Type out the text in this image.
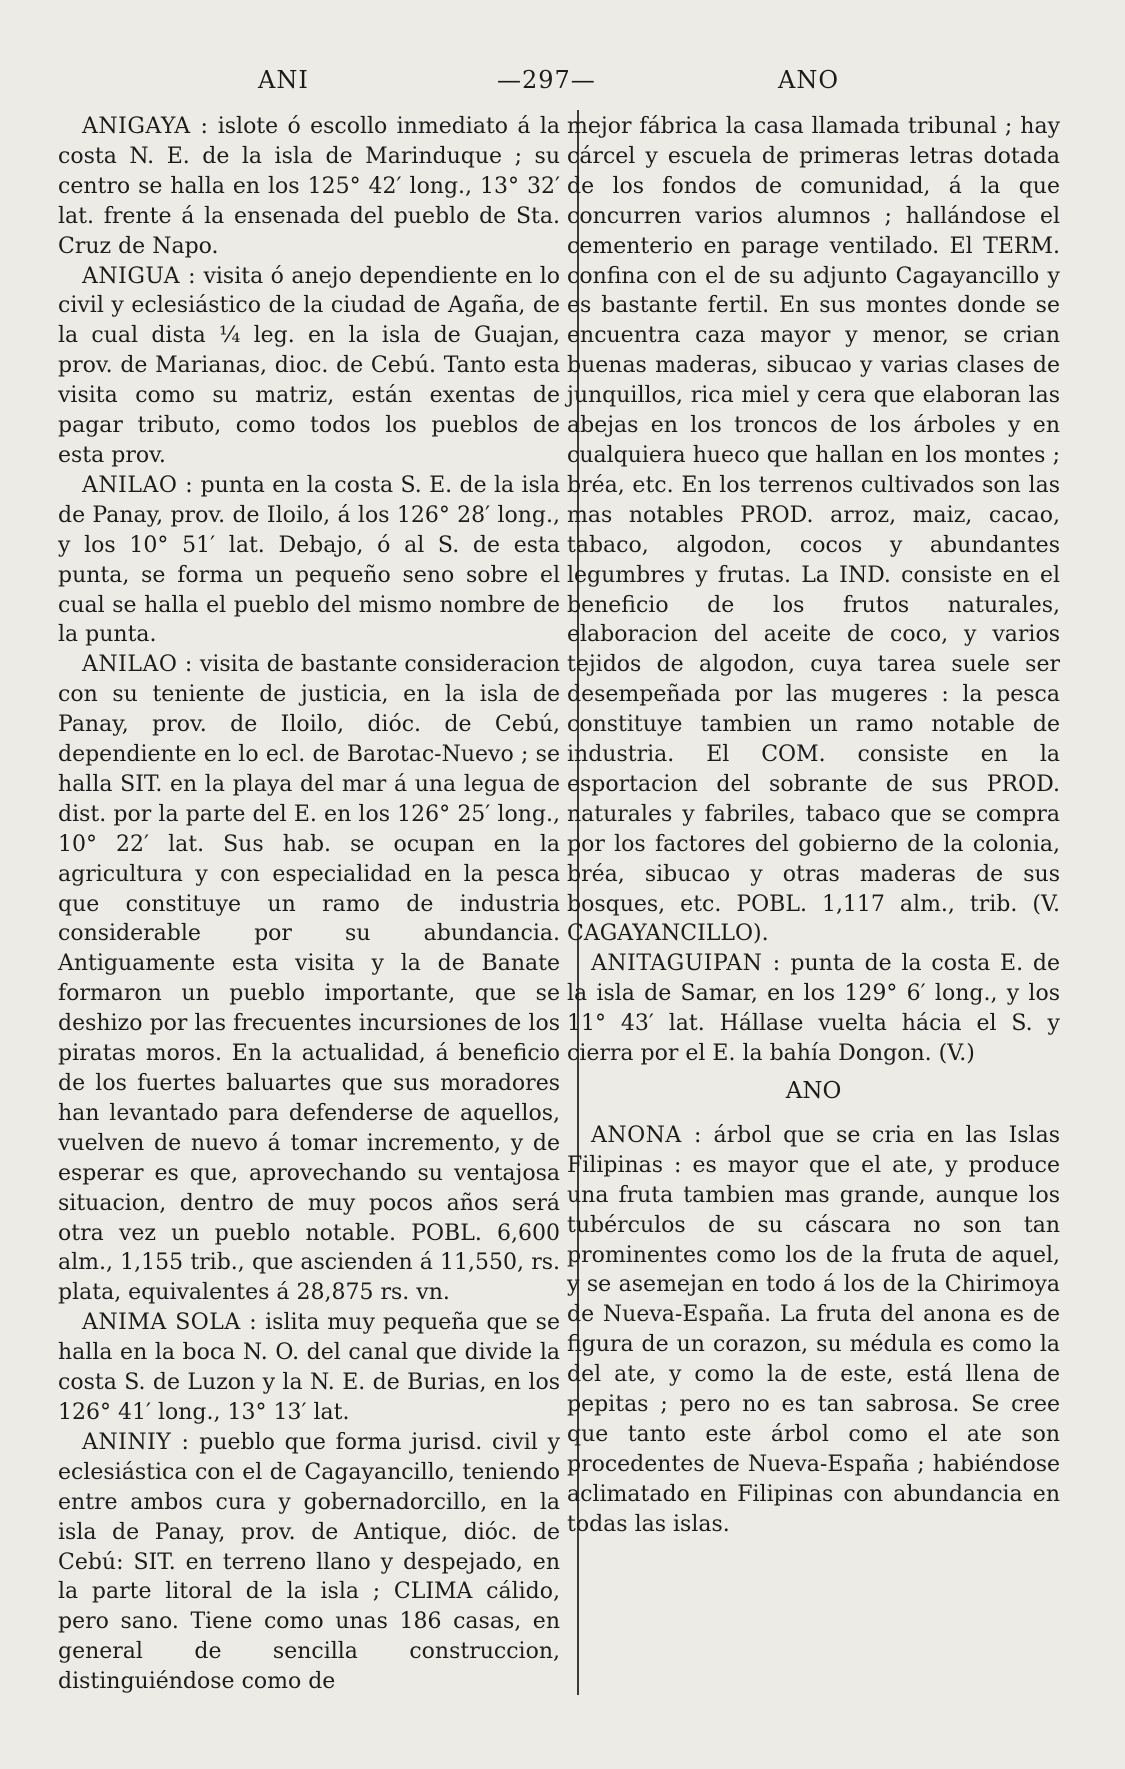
ANI	—297—	ANO

ANIGAYA : islote ó escollo inmediato á la costa N. E. de la isla de Marinduque ; su centro se halla en los 125° 42′ long., 13° 32′ lat. frente á la ensenada del pueblo de Sta. Cruz de Napo.

ANIGUA : visita ó anejo dependiente en lo civil y eclesiástico de la ciudad de Agaña, de la cual dista ¼ leg. en la isla de Guajan, prov. de Marianas, dioc. de Cebú. Tanto esta visita como su matriz, están exentas de pagar tributo, como todos los pueblos de esta prov.

ANILAO : punta en la costa S. E. de la isla de Panay, prov. de Iloilo, á los 126° 28′ long., y los 10° 51′ lat. Debajo, ó al S. de esta punta, se forma un pequeño seno sobre el cual se halla el pueblo del mismo nombre de la punta.

ANILAO : visita de bastante consideracion con su teniente de justicia, en la isla de Panay, prov. de Iloilo, dióc. de Cebú, dependiente en lo ecl. de Barotac-Nuevo ; se halla SIT. en la playa del mar á una legua de dist. por la parte del E. en los 126° 25′ long., 10° 22′ lat. Sus hab. se ocupan en la agricultura y con especialidad en la pesca que constituye un ramo de industria considerable por su abundancia. Antiguamente esta visita y la de Banate formaron un pueblo importante, que se deshizo por las frecuentes incursiones de los piratas moros. En la actualidad, á beneficio de los fuertes baluartes que sus moradores han levantado para defenderse de aquellos, vuelven de nuevo á tomar incremento, y de esperar es que, aprovechando su ventajosa situacion, dentro de muy pocos años será otra vez un pueblo notable. POBL. 6,600 alm., 1,155 trib., que ascienden á 11,550, rs. plata, equivalentes á 28,875 rs. vn.

ANIMA SOLA : islita muy pequeña que se halla en la boca N. O. del canal que divide la costa S. de Luzon y la N. E. de Burias, en los 126° 41′ long., 13° 13′ lat.

ANINIY : pueblo que forma jurisd. civil y eclesiástica con el de Cagayancillo, teniendo entre ambos cura y gobernadorcillo, en la isla de Panay, prov. de Antique, dióc. de Cebú: SIT. en terreno llano y despejado, en la parte litoral de la isla ; CLIMA cálido, pero sano. Tiene como unas 186 casas, en general de sencilla construccion, distinguiéndose como de

mejor fábrica la casa llamada tribunal ; hay cárcel y escuela de primeras letras dotada de los fondos de comunidad, á la que concurren varios alumnos ; hallándose el cementerio en parage ventilado. El TERM. confina con el de su adjunto Cagayancillo y es bastante fertil. En sus montes donde se encuentra caza mayor y menor, se crian buenas maderas, sibucao y varias clases de junquillos, rica miel y cera que elaboran las abejas en los troncos de los árboles y en cualquiera hueco que hallan en los montes ; bréa, etc. En los terrenos cultivados son las mas notables PROD. arroz, maiz, cacao, tabaco, algodon, cocos y abundantes legumbres y frutas. La IND. consiste en el beneficio de los frutos naturales, elaboracion del aceite de coco, y varios tejidos de algodon, cuya tarea suele ser desempeñada por las mugeres : la pesca constituye tambien un ramo notable de industria. El COM. consiste en la esportacion del sobrante de sus PROD. naturales y fabriles, tabaco que se compra por los factores del gobierno de la colonia, bréa, sibucao y otras maderas de sus bosques, etc. POBL. 1,117 alm., trib. (V. CAGAYANCILLO).

ANITAGUIPAN : punta de la costa E. de la isla de Samar, en los 129° 6′ long., y los 11° 43′ lat. Hállase vuelta hácia el S. y cierra por el E. la bahía Dongon. (V.)

ANO

ANONA : árbol que se cria en las Islas Filipinas : es mayor que el ate, y produce una fruta tambien mas grande, aunque los tubérculos de su cáscara no son tan prominentes como los de la fruta de aquel, y se asemejan en todo á los de la Chirimoya de Nueva-España. La fruta del anona es de figura de un corazon, su médula es como la del ate, y como la de este, está llena de pepitas ; pero no es tan sabrosa. Se cree que tanto este árbol como el ate son procedentes de Nueva-España ; habiéndose aclimatado en Filipinas con abundancia en todas las islas.
